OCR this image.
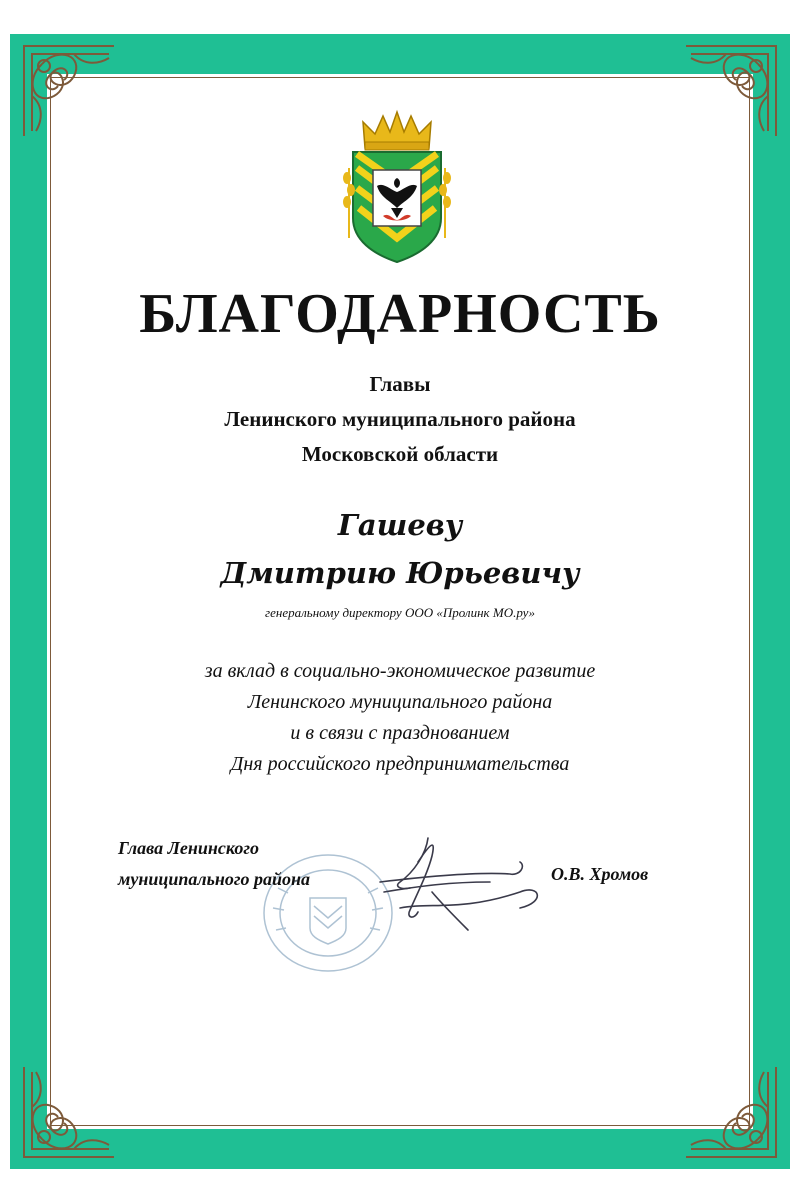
БЛАГОДАРНОСТЬ
Главы
Ленинского муниципального района
Московской области
Гашеву
Дмитрию Юрьевичу
генеральному директору ООО «Пролинк МО.ру»
за вклад в социально-экономическое развитие
Ленинского муниципального района
и в связи с празднованием
Дня российского предпринимательства
Глава Ленинского
муниципального района	О.В. Хромов
